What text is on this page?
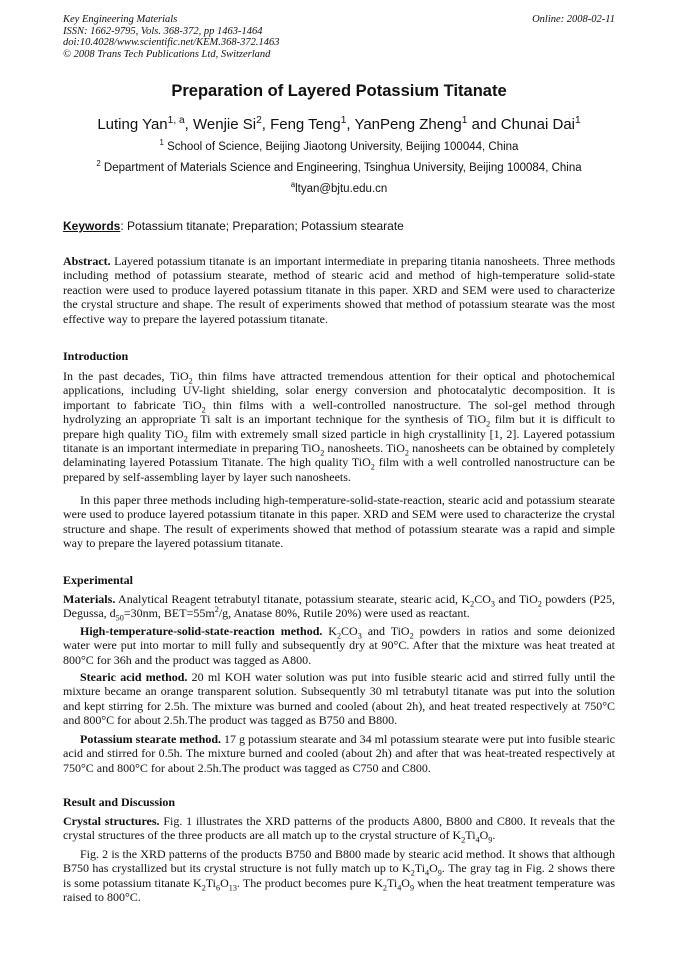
Key Engineering Materials
ISSN: 1662-9795, Vols. 368-372, pp 1463-1464
doi:10.4028/www.scientific.net/KEM.368-372.1463
© 2008 Trans Tech Publications Ltd, Switzerland
Online: 2008-02-11
Preparation of Layered Potassium Titanate
Luting Yan$^{1, a}$, Wenjie Si$^2$, Feng Teng$^1$, YanPeng Zheng$^1$ and Chunai Dai$^1$
$^1$ School of Science, Beijing Jiaotong University, Beijing 100044, China
$^2$ Department of Materials Science and Engineering, Tsinghua University, Beijing 100084, China
$^a$ltyan@bjtu.edu.cn
Keywords: Potassium titanate; Preparation; Potassium stearate
Abstract. Layered potassium titanate is an important intermediate in preparing titania nanosheets. Three methods including method of potassium stearate, method of stearic acid and method of high-temperature solid-state reaction were used to produce layered potassium titanate in this paper. XRD and SEM were used to characterize the crystal structure and shape. The result of experiments showed that method of potassium stearate was the most effective way to prepare the layered potassium titanate.
Introduction
In the past decades, TiO$_2$ thin films have attracted tremendous attention for their optical and photochemical applications, including UV-light shielding, solar energy conversion and photocatalytic decomposition. It is important to fabricate TiO$_2$ thin films with a well-controlled nanostructure. The sol-gel method through hydrolyzing an appropriate Ti salt is an important technique for the synthesis of TiO$_2$ film but it is difficult to prepare high quality TiO$_2$ film with extremely small sized particle in high crystallinity [1, 2]. Layered potassium titanate is an important intermediate in preparing TiO$_2$ nanosheets. TiO$_2$ nanosheets can be obtained by completely delaminating layered Potassium Titanate. The high quality TiO$_2$ film with a well controlled nanostructure can be prepared by self-assembling layer by layer such nanosheets.
In this paper three methods including high-temperature-solid-state-reaction, stearic acid and potassium stearate were used to produce layered potassium titanate in this paper. XRD and SEM were used to characterize the crystal structure and shape. The result of experiments showed that method of potassium stearate was a rapid and simple way to prepare the layered potassium titanate.
Experimental
Materials. Analytical Reagent tetrabutyl titanate, potassium stearate, stearic acid, $K_2CO_3$ and TiO$_2$ powders (P25, Degussa, $d_{50}=30nm$, $BET=55m^2/g$, Anatase 80%, Rutile 20%) were used as reactant.
High-temperature-solid-state-reaction method. $K_2CO_3$ and TiO$_2$ powders in ratios and some deionized water were put into mortar to mill fully and subsequently dry at 90°C. After that the mixture was heat treated at 800°C for 36h and the product was tagged as A800.
Stearic acid method. 20 ml KOH water solution was put into fusible stearic acid and stirred fully until the mixture became an orange transparent solution. Subsequently 30 ml tetrabutyl titanate was put into the solution and kept stirring for 2.5h. The mixture was burned and cooled (about 2h), and heat treated respectively at 750°C and 800°C for about 2.5h.The product was tagged as B750 and B800.
Potassium stearate method. 17 g potassium stearate and 34 ml potassium stearate were put into fusible stearic acid and stirred for 0.5h. The mixture burned and cooled (about 2h) and after that was heat-treated respectively at 750°C and 800°C for about 2.5h.The product was tagged as C750 and C800.
Result and Discussion
Crystal structures. Fig. 1 illustrates the XRD patterns of the products A800, B800 and C800. It reveals that the crystal structures of the three products are all match up to the crystal structure of $K_2Ti_4O_9$.
Fig. 2 is the XRD patterns of the products B750 and B800 made by stearic acid method. It shows that although B750 has crystallized but its crystal structure is not fully match up to $K_2Ti_4O_9$. The gray tag in Fig. 2 shows there is some potassium titanate $K_2Ti_6O_{13}$. The product becomes pure $K_2Ti_4O_9$ when the heat treatment temperature was raised to 800°C.
